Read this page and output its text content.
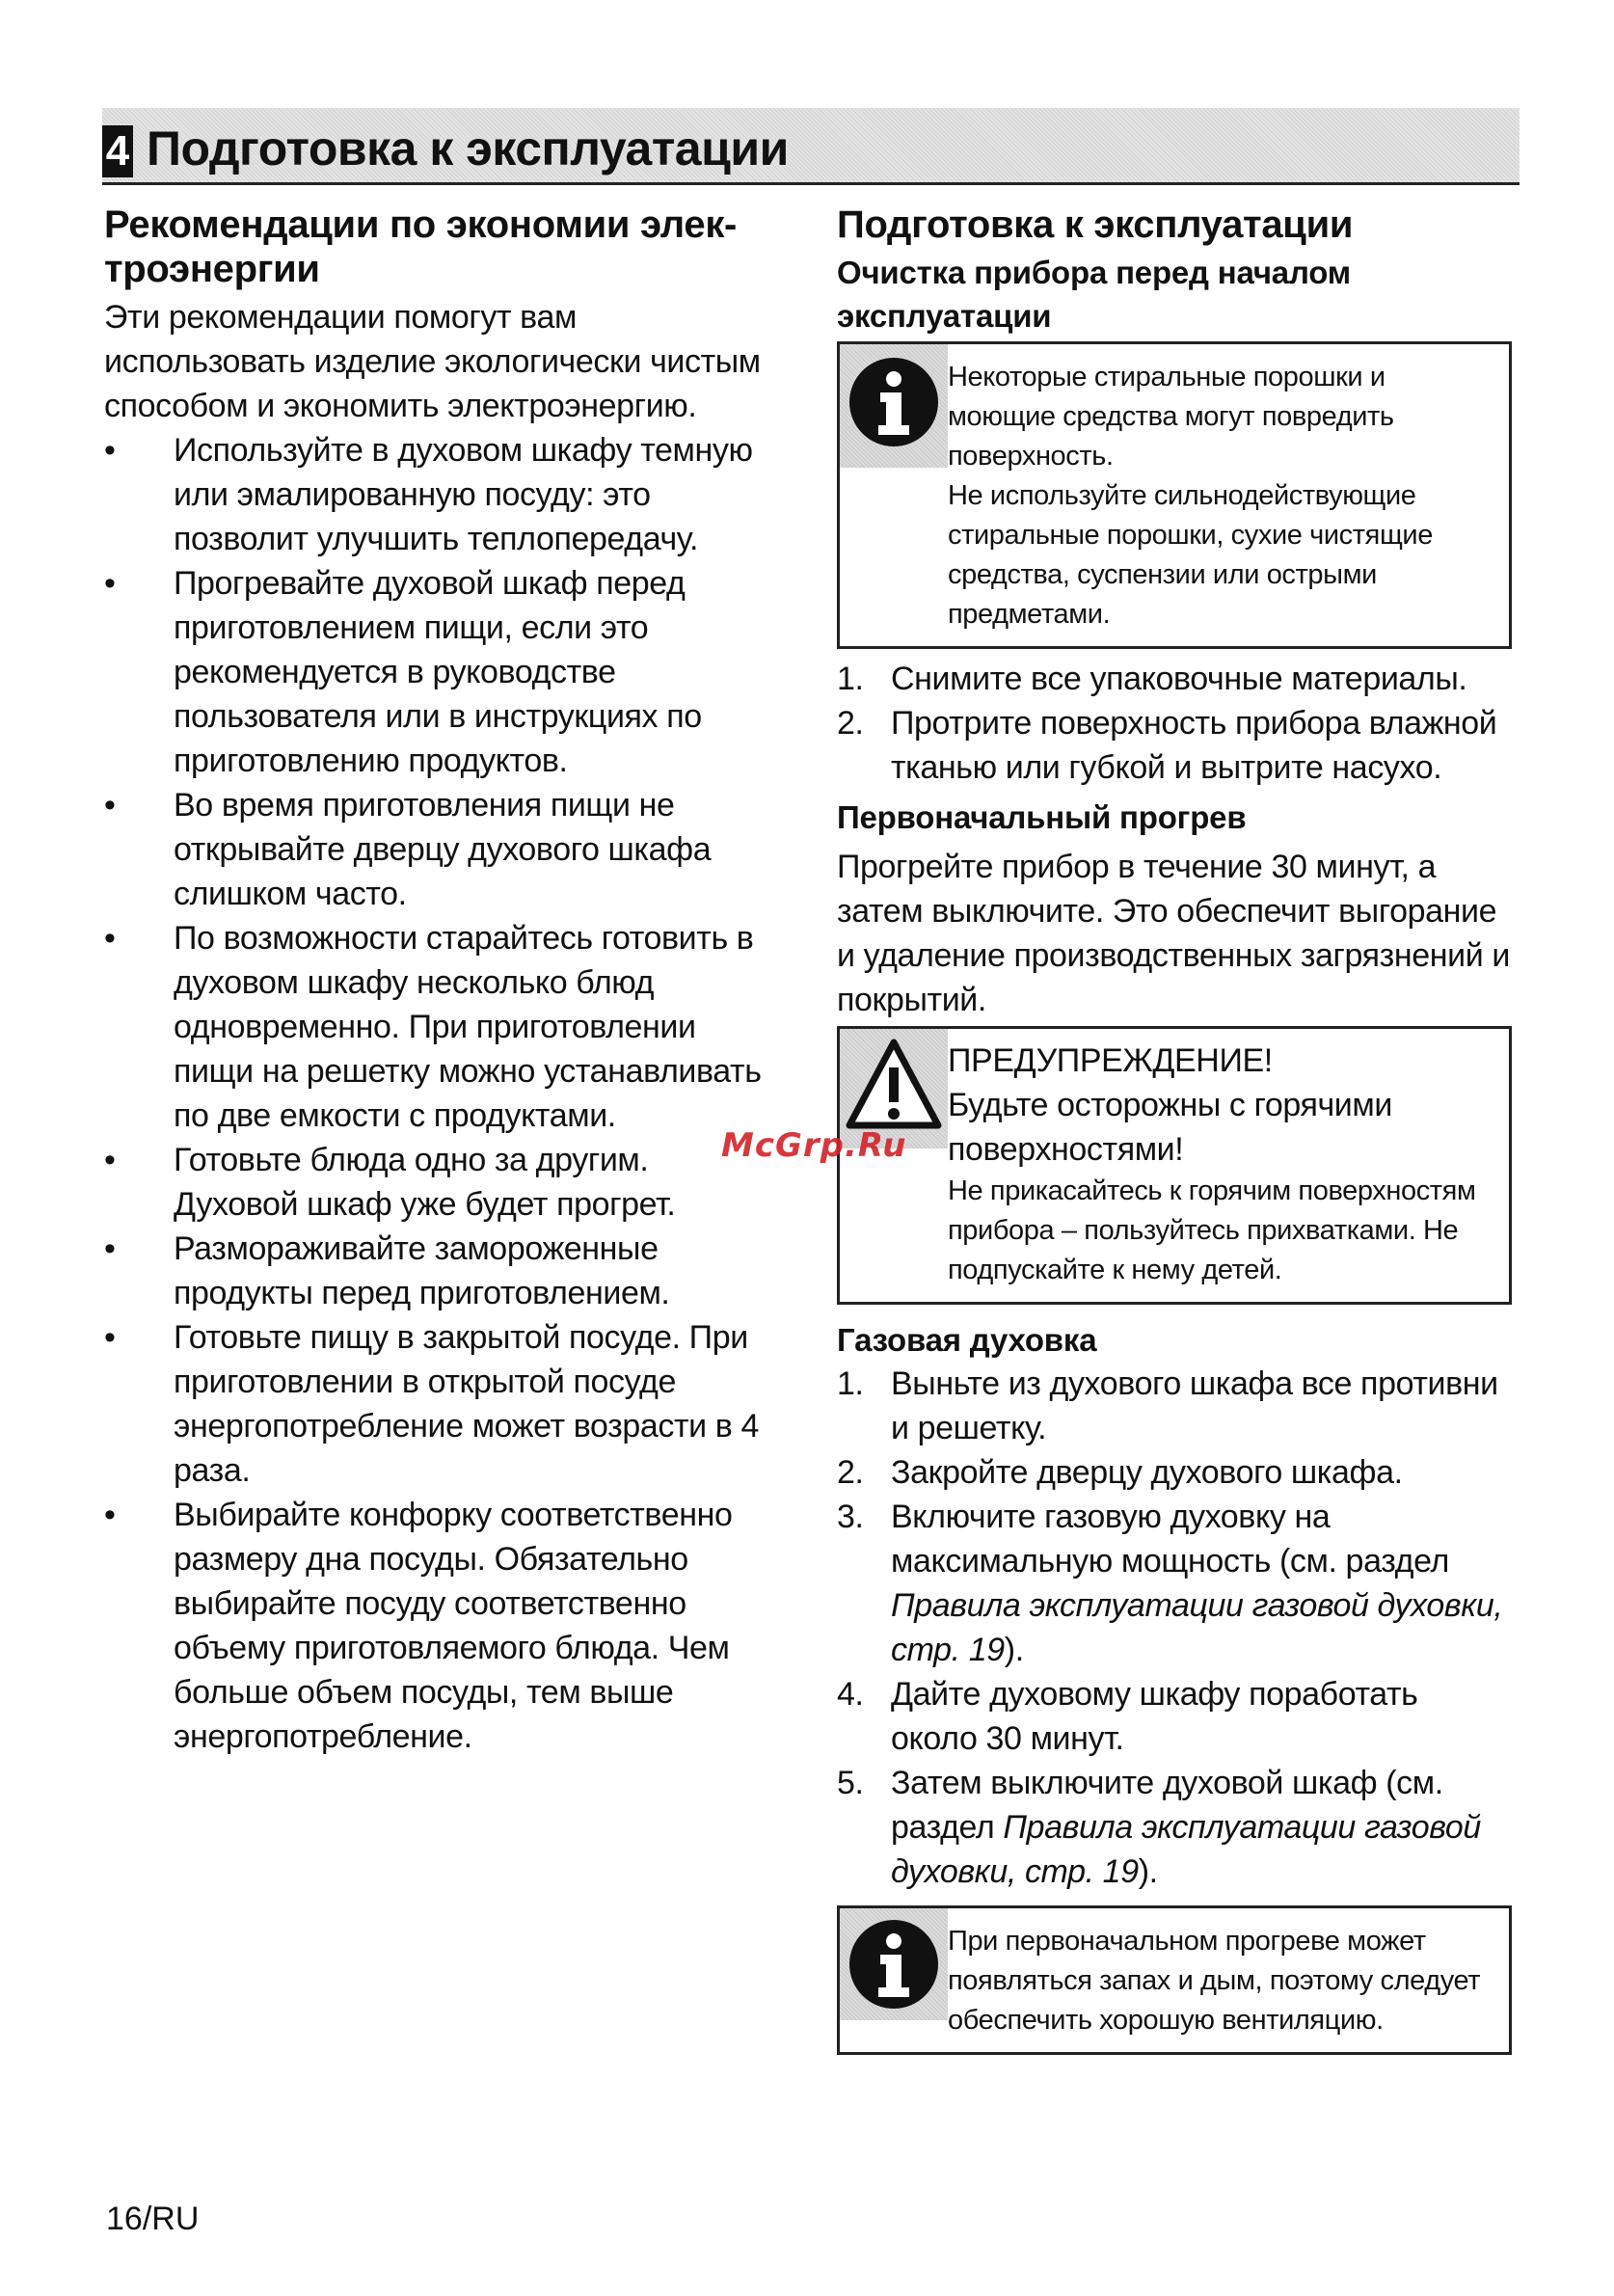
4 Подготовка к эксплуатации
Рекомендации по экономии элек-троэнергии

Эти рекомендации помогут вам использовать изделие экологически чистым способом и экономить электроэнергию.

• Используйте в духовом шкафу темную или эмалированную посуду: это позволит улучшить теплопередачу.
• Прогревайте духовой шкаф перед приготовлением пищи, если это рекомендуется в руководстве пользователя или в инструкциях по приготовлению продуктов.
• Во время приготовления пищи не открывайте дверцу духового шкафа слишком часто.
• По возможности старайтесь готовить в духовом шкафу несколько блюд одновременно. При приготовлении пищи на решетку можно устанавливать по две емкости с продуктами.
• Готовьте блюда одно за другим. Духовой шкаф уже будет прогрет.
• Размораживайте замороженные продукты перед приготовлением.
• Готовьте пищу в закрытой посуде. При приготовлении в открытой посуде энергопотребление может возрасти в 4 раза.
• Выбирайте конфорку соответственно размеру дна посуды. Обязательно выбирайте посуду соответственно объему приготовляемого блюда. Чем больше объем посуды, тем выше энергопотребление.
Подготовка к эксплуатации
Очистка прибора перед началом эксплуатации

Некоторые стиральные порошки и моющие средства могут повредить поверхность.

Не используйте сильнодействующие стиральные порошки, сухие чистящие средства, суспензии или острыми предметами.

1. Снимите все упаковочные материалы.
2. Протрите поверхность прибора влажной тканью или губкой и вытрите насухо.
Первоначальный прогрев

Прогрейте прибор в течение 30 минут, а затем выключите. Это обеспечит выгорание и удаление производственных загрязнений и покрытий.

ПРЕДУПРЕЖДЕНИЕ!

Будьте осторожны с горячими поверхностями!

Не прикасайтесь к горячим поверхностям прибора – пользуйтесь прихватками. Не подпускайте к нему детей.

Газовая духовка
1. Выньте из духового шкафа все противни и решетку.
2. Закройте дверцу духового шкафа.
3. Включите газовую духовку на максимальную мощность (см. раздел Правила эксплуатации газовой духовки, стр. 19).
4. Дайте духовому шкафу поработать около 30 минут.
5. Затем выключите духовой шкаф (см. раздел Правила эксплуатации газовой духовки, стр. 19).

При первоначальном прогреве может появляться запах и дым, поэтому следует обеспечить хорошую вентиляцию.

McGrp.Ru
16/RU
